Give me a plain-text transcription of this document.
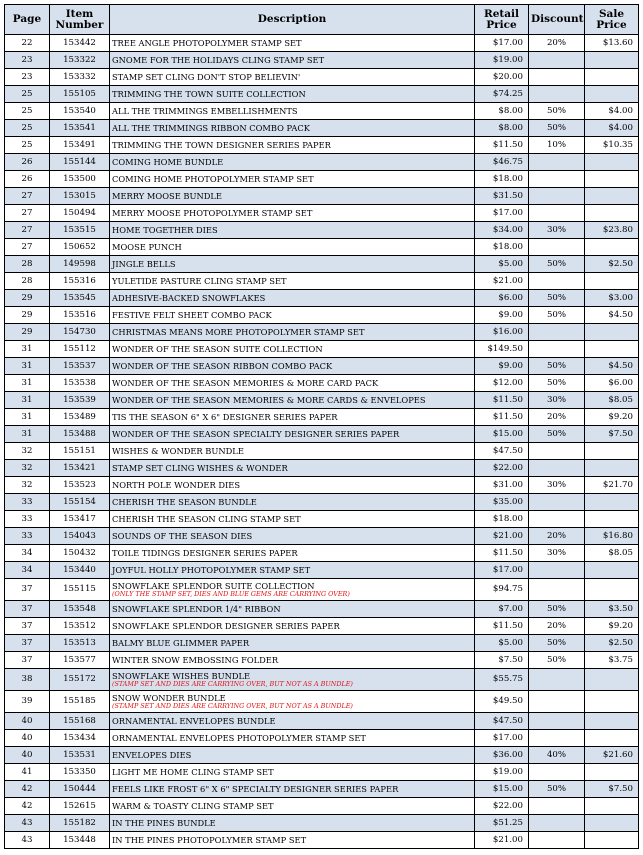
Page	Item Number	Description	Retail Price	Discount	Sale Price
22	153442	TREE ANGLE PHOTOPOLYMER STAMP SET	$17.00	20%	$13.60
23	153322	GNOME FOR THE HOLIDAYS CLING STAMP SET	$19.00		
23	153332	STAMP SET CLING DON'T STOP BELIEVIN'	$20.00		
25	155105	TRIMMING THE TOWN SUITE COLLECTION	$74.25		
25	153540	ALL THE TRIMMINGS EMBELLISHMENTS	$8.00	50%	$4.00
25	153541	ALL THE TRIMMINGS RIBBON COMBO PACK	$8.00	50%	$4.00
25	153491	TRIMMING THE TOWN DESIGNER SERIES PAPER	$11.50	10%	$10.35
26	155144	COMING HOME BUNDLE	$46.75		
26	153500	COMING HOME PHOTOPOLYMER STAMP SET	$18.00		
27	153015	MERRY MOOSE BUNDLE	$31.50		
27	150494	MERRY MOOSE PHOTOPOLYMER STAMP SET	$17.00		
27	153515	HOME TOGETHER DIES	$34.00	30%	$23.80
27	150652	MOOSE PUNCH	$18.00		
28	149598	JINGLE BELLS	$5.00	50%	$2.50
28	155316	YULETIDE PASTURE CLING STAMP SET	$21.00		
29	153545	ADHESIVE-BACKED SNOWFLAKES	$6.00	50%	$3.00
29	153516	FESTIVE FELT SHEET COMBO PACK	$9.00	50%	$4.50
29	154730	CHRISTMAS MEANS MORE PHOTOPOLYMER STAMP SET	$16.00		
31	155112	WONDER OF THE SEASON SUITE COLLECTION	$149.50		
31	153537	WONDER OF THE SEASON RIBBON COMBO PACK	$9.00	50%	$4.50
31	153538	WONDER OF THE SEASON MEMORIES & MORE CARD PACK	$12.00	50%	$6.00
31	153539	WONDER OF THE SEASON MEMORIES & MORE CARDS & ENVELOPES	$11.50	30%	$8.05
31	153489	TIS THE SEASON 6" X 6" DESIGNER SERIES PAPER	$11.50	20%	$9.20
31	153488	WONDER OF THE SEASON SPECIALTY DESIGNER SERIES PAPER	$15.00	50%	$7.50
32	155151	WISHES & WONDER BUNDLE	$47.50		
32	153421	STAMP SET CLING WISHES & WONDER	$22.00		
32	153523	NORTH POLE WONDER DIES	$31.00	30%	$21.70
33	155154	CHERISH THE SEASON BUNDLE	$35.00		
33	153417	CHERISH THE SEASON CLING STAMP SET	$18.00		
33	154043	SOUNDS OF THE SEASON DIES	$21.00	20%	$16.80
34	150432	TOILE TIDINGS DESIGNER SERIES PAPER	$11.50	30%	$8.05
34	153440	JOYFUL HOLLY PHOTOPOLYMER STAMP SET	$17.00		
37	155115	SNOWFLAKE SPLENDOR SUITE COLLECTION
(ONLY THE STAMP SET, DIES AND BLUE GEMS ARE CARRYING OVER)	$94.75		
37	153548	SNOWFLAKE SPLENDOR 1/4" RIBBON	$7.00	50%	$3.50
37	153512	SNOWFLAKE SPLENDOR DESIGNER SERIES PAPER	$11.50	20%	$9.20
37	153513	BALMY BLUE GLIMMER PAPER	$5.00	50%	$2.50
37	153577	WINTER SNOW EMBOSSING FOLDER	$7.50	50%	$3.75
38	155172	SNOWFLAKE WISHES BUNDLE
(STAMP SET AND DIES ARE CARRYING OVER, BUT NOT AS A BUNDLE)	$55.75		
39	155185	SNOW WONDER BUNDLE
(STAMP SET AND DIES ARE CARRYING OVER, BUT NOT AS A BUNDLE)	$49.50		
40	155168	ORNAMENTAL ENVELOPES BUNDLE	$47.50		
40	153434	ORNAMENTAL ENVELOPES PHOTOPOLYMER STAMP SET	$17.00		
40	153531	ENVELOPES DIES	$36.00	40%	$21.60
41	153350	LIGHT ME HOME CLING STAMP SET	$19.00		
42	150444	FEELS LIKE FROST 6" X 6" SPECIALTY DESIGNER SERIES PAPER	$15.00	50%	$7.50
42	152615	WARM & TOASTY CLING STAMP SET	$22.00		
43	155182	IN THE PINES BUNDLE	$51.25		
43	153448	IN THE PINES PHOTOPOLYMER STAMP SET	$21.00		
